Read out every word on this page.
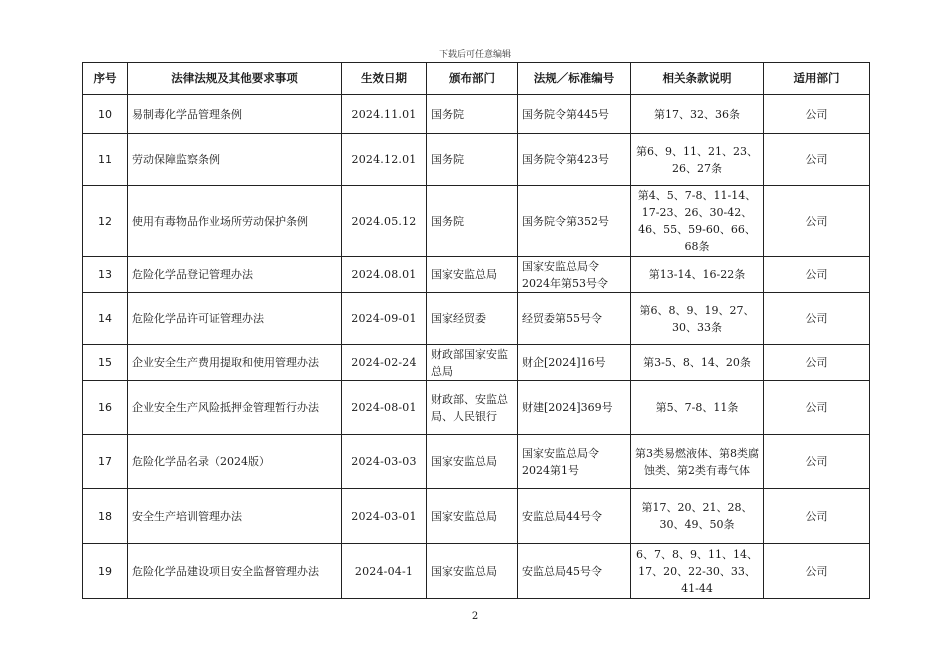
下载后可任意编辑
序号	法律法规及其他要求事项	生效日期	颁布部门	法规／标准编号	相关条款说明	适用部门
10	易制毒化学品管理条例	2024.11.01	国务院	国务院令第445号	第17、32、36条	公司
11	劳动保障监察条例	2024.12.01	国务院	国务院令第423号	第6、9、11、21、23、26、27条	公司
12	使用有毒物品作业场所劳动保护条例	2024.05.12	国务院	国务院令第352号	第4、5、7-8、11-14、17-23、26、30-42、46、55、59-60、66、68条	公司
13	危险化学品登记管理办法	2024.08.01	国家安监总局	国家安监总局令2024年第53号令	第13-14、16-22条	公司
14	危险化学品许可证管理办法	2024-09-01	国家经贸委	经贸委第55号令	第6、8、9、19、27、30、33条	公司
15	企业安全生产费用提取和使用管理办法	2024-02-24	财政部国家安监总局	财企[2024]16号	第3-5、8、14、20条	公司
16	企业安全生产风险抵押金管理暂行办法	2024-08-01	财政部、安监总局、人民银行	财建[2024]369号	第5、7-8、11条	公司
17	危险化学品名录（2024版）	2024-03-03	国家安监总局	国家安监总局令2024第1号	第3类易燃液体、第8类腐蚀类、第2类有毒气体	公司
18	安全生产培训管理办法	2024-03-01	国家安监总局	安监总局44号令	第17、20、21、28、30、49、50条	公司
19	危险化学品建设项目安全监督管理办法	2024-04-1	国家安监总局	安监总局45号令	6、7、8、9、11、14、17、20、22-30、33、41-44	公司
2
